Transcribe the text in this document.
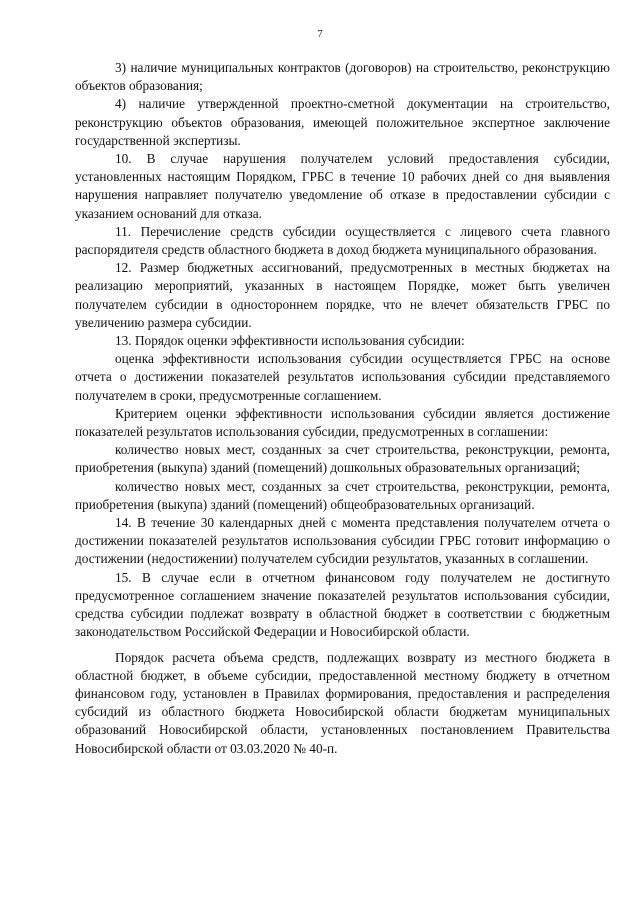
7

3) наличие муниципальных контрактов (договоров) на строительство, реконструкцию объектов образования;

4) наличие утвержденной проектно-сметной документации на строительство, реконструкцию объектов образования, имеющей положительное экспертное заключение государственной экспертизы.

10. В случае нарушения получателем условий предоставления субсидии, установленных настоящим Порядком, ГРБС в течение 10 рабочих дней со дня выявления нарушения направляет получателю уведомление об отказе в предоставлении субсидии с указанием оснований для отказа.

11. Перечисление средств субсидии осуществляется с лицевого счета главного распорядителя средств областного бюджета в доход бюджета муниципального образования.

12. Размер бюджетных ассигнований, предусмотренных в местных бюджетах на реализацию мероприятий, указанных в настоящем Порядке, может быть увеличен получателем субсидии в одностороннем порядке, что не влечет обязательств ГРБС по увеличению размера субсидии.

13. Порядок оценки эффективности использования субсидии:

оценка эффективности использования субсидии осуществляется ГРБС на основе отчета о достижении показателей результатов использования субсидии представляемого получателем в сроки, предусмотренные соглашением.

Критерием оценки эффективности использования субсидии является достижение показателей результатов использования субсидии, предусмотренных в соглашении:

количество новых мест, созданных за счет строительства, реконструкции, ремонта, приобретения (выкупа) зданий (помещений) дошкольных образовательных организаций;

количество новых мест, созданных за счет строительства, реконструкции, ремонта, приобретения (выкупа) зданий (помещений) общеобразовательных организаций.

14. В течение 30 календарных дней с момента представления получателем отчета о достижении показателей результатов использования субсидии ГРБС готовит информацию о достижении (недостижении) получателем субсидии результатов, указанных в соглашении.

15. В случае если в отчетном финансовом году получателем не достигнуто предусмотренное соглашением значение показателей результатов использования субсидии, средства субсидии подлежат возврату в областной бюджет в соответствии с бюджетным законодательством Российской Федерации и Новосибирской области.

Порядок расчета объема средств, подлежащих возврату из местного бюджета в областной бюджет, в объеме субсидии, предоставленной местному бюджету в отчетном финансовом году, установлен в Правилах формирования, предоставления и распределения субсидий из областного бюджета Новосибирской области бюджетам муниципальных образований Новосибирской области, установленных постановлением Правительства Новосибирской области от 03.03.2020 № 40-п.
